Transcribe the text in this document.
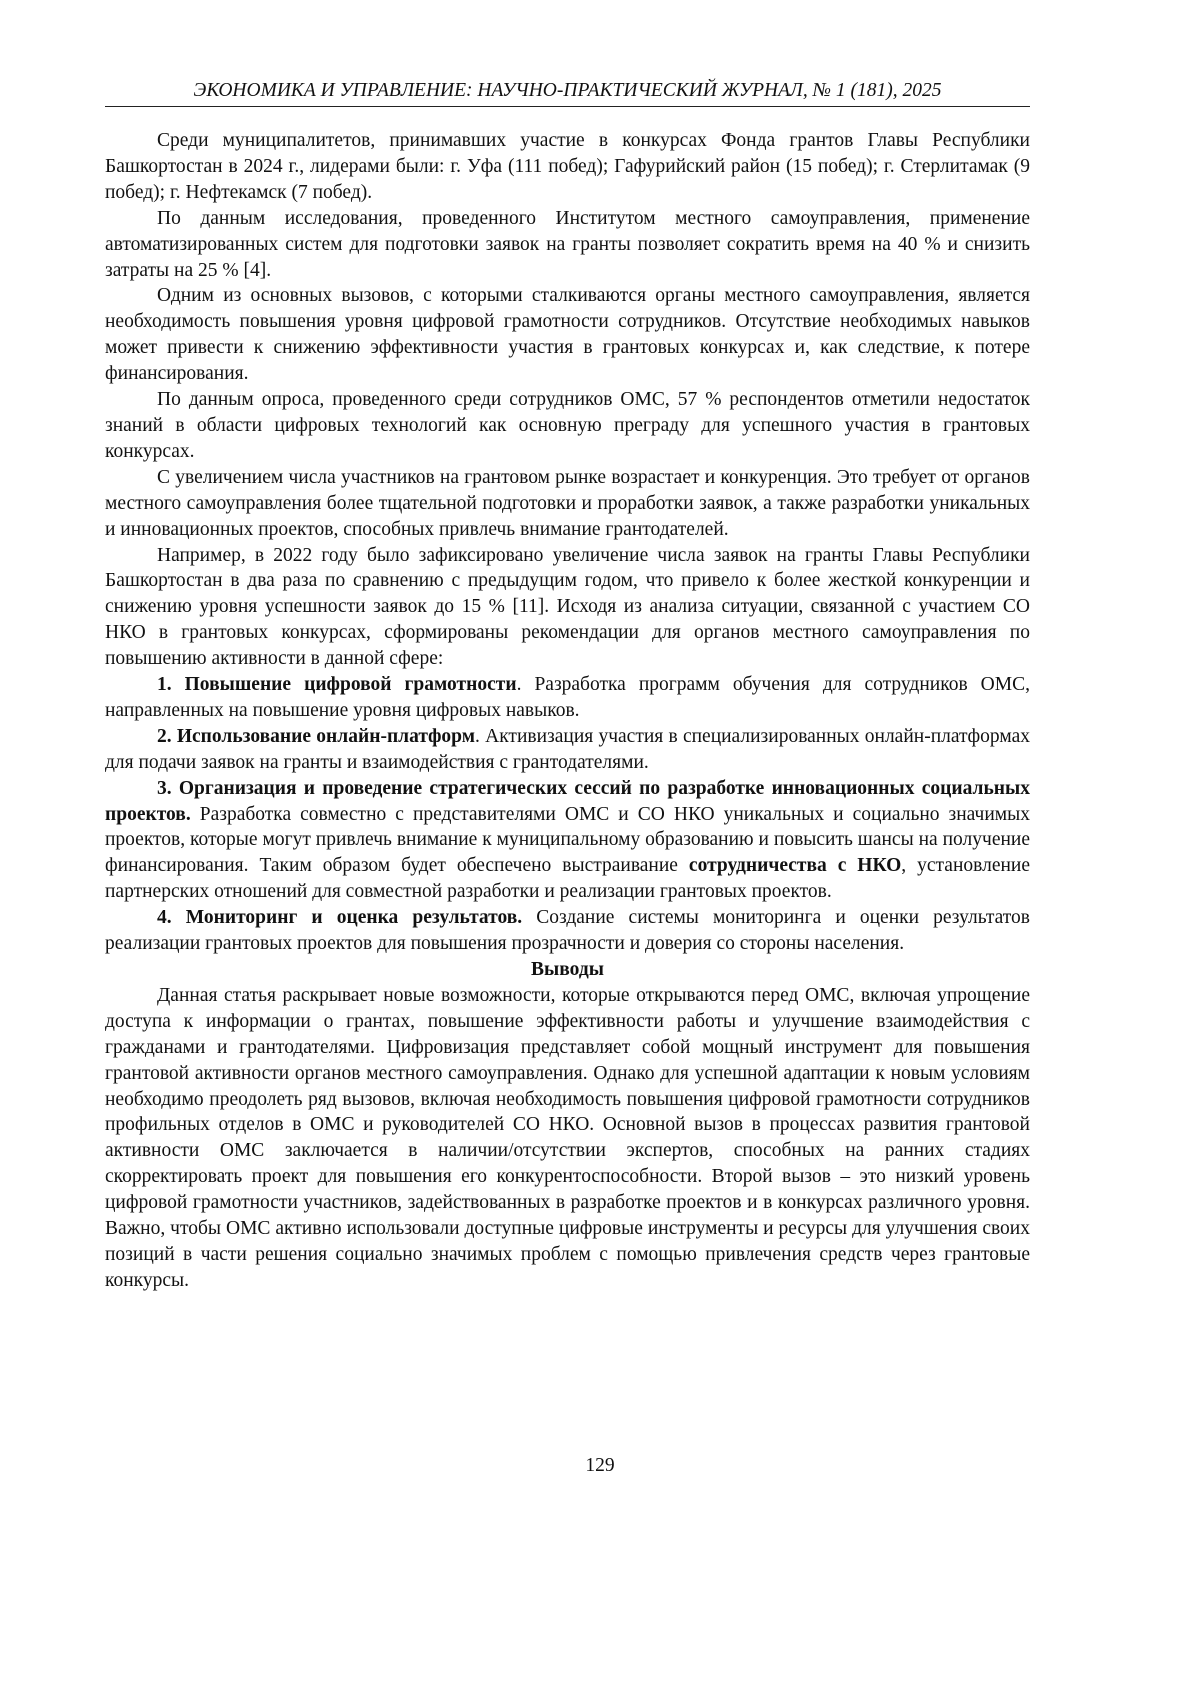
ЭКОНОМИКА И УПРАВЛЕНИЕ: НАУЧНО-ПРАКТИЧЕСКИЙ ЖУРНАЛ, № 1 (181), 2025

Среди муниципалитетов, принимавших участие в конкурсах Фонда грантов Главы Республики Башкортостан в 2024 г., лидерами были: г. Уфа (111 побед); Гафурийский район (15 побед); г. Стерлитамак (9 побед); г. Нефтекамск (7 побед).

По данным исследования, проведенного Институтом местного самоуправления, применение автоматизированных систем для подготовки заявок на гранты позволяет сократить время на 40 % и снизить затраты на 25 % [4].

Одним из основных вызовов, с которыми сталкиваются органы местного самоуправления, является необходимость повышения уровня цифровой грамотности сотрудников. Отсутствие необходимых навыков может привести к снижению эффективности участия в грантовых конкурсах и, как следствие, к потере финансирования.

По данным опроса, проведенного среди сотрудников ОМС, 57 % респондентов отметили недостаток знаний в области цифровых технологий как основную преграду для успешного участия в грантовых конкурсах.

С увеличением числа участников на грантовом рынке возрастает и конкуренция. Это требует от органов местного самоуправления более тщательной подготовки и проработки заявок, а также разработки уникальных и инновационных проектов, способных привлечь внимание грантодателей.

Например, в 2022 году было зафиксировано увеличение числа заявок на гранты Главы Республики Башкортостан в два раза по сравнению с предыдущим годом, что привело к более жесткой конкуренции и снижению уровня успешности заявок до 15 % [11]. Исходя из анализа ситуации, связанной с участием СО НКО в грантовых конкурсах, сформированы рекомендации для органов местного самоуправления по повышению активности в данной сфере:

1. Повышение цифровой грамотности. Разработка программ обучения для сотрудников ОМС, направленных на повышение уровня цифровых навыков.

2. Использование онлайн-платформ. Активизация участия в специализированных онлайн-платформах для подачи заявок на гранты и взаимодействия с грантодателями.

3. Организация и проведение стратегических сессий по разработке инновационных социальных проектов. Разработка совместно с представителями ОМС и СО НКО уникальных и социально значимых проектов, которые могут привлечь внимание к муниципальному образованию и повысить шансы на получение финансирования. Таким образом будет обеспечено выстраивание сотрудничества с НКО, установление партнерских отношений для совместной разработки и реализации грантовых проектов.

4. Мониторинг и оценка результатов. Создание системы мониторинга и оценки результатов реализации грантовых проектов для повышения прозрачности и доверия со стороны населения.

Выводы

Данная статья раскрывает новые возможности, которые открываются перед ОМС, включая упрощение доступа к информации о грантах, повышение эффективности работы и улучшение взаимодействия с гражданами и грантодателями. Цифровизация представляет собой мощный инструмент для повышения грантовой активности органов местного самоуправления. Однако для успешной адаптации к новым условиям необходимо преодолеть ряд вызовов, включая необходимость повышения цифровой грамотности сотрудников профильных отделов в ОМС и руководителей СО НКО. Основной вызов в процессах развития грантовой активности ОМС заключается в наличии/отсутствии экспертов, способных на ранних стадиях скорректировать проект для повышения его конкурентоспособности. Второй вызов – это низкий уровень цифровой грамотности участников, задействованных в разработке проектов и в конкурсах различного уровня. Важно, чтобы ОМС активно использовали доступные цифровые инструменты и ресурсы для улучшения своих позиций в части решения социально значимых проблем с помощью привлечения средств через грантовые конкурсы.

129
